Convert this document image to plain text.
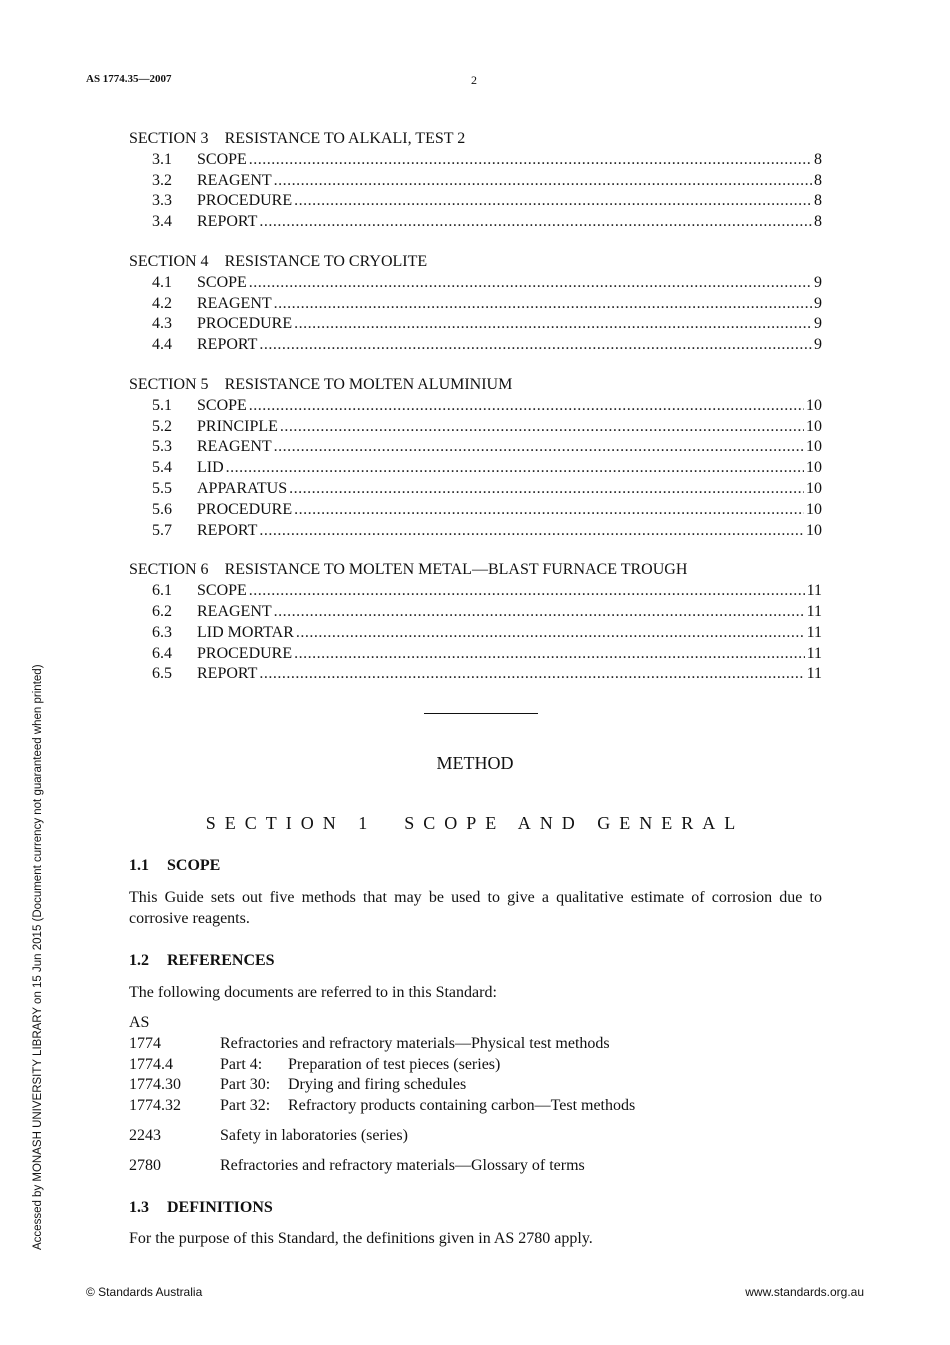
AS 1774.35—2007	2
SECTION 3 RESISTANCE TO ALKALI, TEST 2
3.1	SCOPE .....	8
3.2	REAGENT .....	8
3.3	PROCEDURE .....	8
3.4	REPORT .....	8
SECTION 4 RESISTANCE TO CRYOLITE
4.1	SCOPE .....	9
4.2	REAGENT .....	9
4.3	PROCEDURE .....	9
4.4	REPORT .....	9
SECTION 5 RESISTANCE TO MOLTEN ALUMINIUM
5.1	SCOPE .....	10
5.2	PRINCIPLE .....	10
5.3	REAGENT .....	10
5.4	LID .....	10
5.5	APPARATUS .....	10
5.6	PROCEDURE .....	10
5.7	REPORT .....	10
SECTION 6 RESISTANCE TO MOLTEN METAL—BLAST FURNACE TROUGH
6.1	SCOPE .....	11
6.2	REAGENT .....	11
6.3	LID MORTAR .....	11
6.4	PROCEDURE .....	11
6.5	REPORT .....	11
METHOD
SECTION 1 SCOPE AND GENERAL
1.1 SCOPE
This Guide sets out five methods that may be used to give a qualitative estimate of corrosion due to corrosive reagents.
1.2 REFERENCES
The following documents are referred to in this Standard:
AS
1774	Refractories and refractory materials—Physical test methods
1774.4	Part 4:	Preparation of test pieces (series)
1774.30	Part 30:	Drying and firing schedules
1774.32	Part 32:	Refractory products containing carbon—Test methods
2243	Safety in laboratories (series)
2780	Refractories and refractory materials—Glossary of terms
1.3 DEFINITIONS
For the purpose of this Standard, the definitions given in AS 2780 apply.
Accessed by MONASH UNIVERSITY LIBRARY on 15 Jun 2015 (Document currency not guaranteed when printed)
© Standards Australia	www.standards.org.au
